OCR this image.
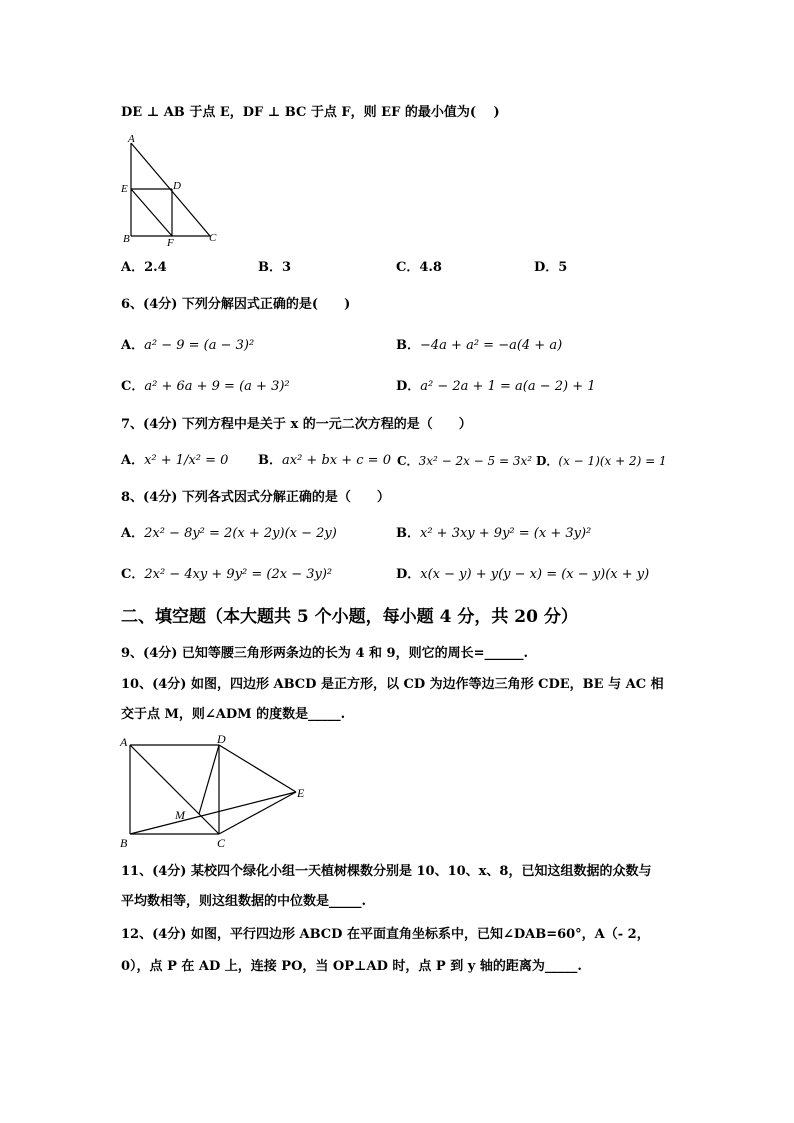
DE ⊥ AB 于点 E，DF ⊥ BC 于点 F，则 EF 的最小值为(　 )
A
E	D
B	F	C
A．2.4	B．3	C．4.8	D．5
6、(4分) 下列分解因式正确的是(　　)
A．a² − 9 = (a − 3)²	B．−4a + a² = −a(4 + a)
C．a² + 6a + 9 = (a + 3)²	D．a² − 2a + 1 = a(a − 2) + 1
7、(4分) 下列方程中是关于 x 的一元二次方程的是（　　）
A．x² + 1/x² = 0 B．ax² + bx + c = 0 C．3x² − 2x − 5 = 3x² D．(x − 1)(x + 2) = 1
8、(4分) 下列各式因式分解正确的是（　　）
A．2x² − 8y² = 2(x + 2y)(x − 2y)	B．x² + 3xy + 9y² = (x + 3y)²
C．2x² − 4xy + 9y² = (2x − 3y)²	D．x(x − y) + y(y − x) = (x − y)(x + y)
二、填空题（本大题共 5 个小题，每小题 4 分，共 20 分）
9、(4分) 已知等腰三角形两条边的长为 4 和 9，则它的周长=______.
10、(4分) 如图，四边形 ABCD 是正方形，以 CD 为边作等边三角形 CDE，BE 与 AC 相
交于点 M，则∠ADM 的度数是_____.
A	D
E
M
B	C
11、(4分) 某校四个绿化小组一天植树棵数分别是 10、10、x、8，已知这组数据的众数与
平均数相等，则这组数据的中位数是_____.
12、(4分) 如图，平行四边形 ABCD 在平面直角坐标系中，已知∠DAB=60°，A（- 2，
0），点 P 在 AD 上，连接 PO，当 OP⊥AD 时，点 P 到 y 轴的距离为_____.
